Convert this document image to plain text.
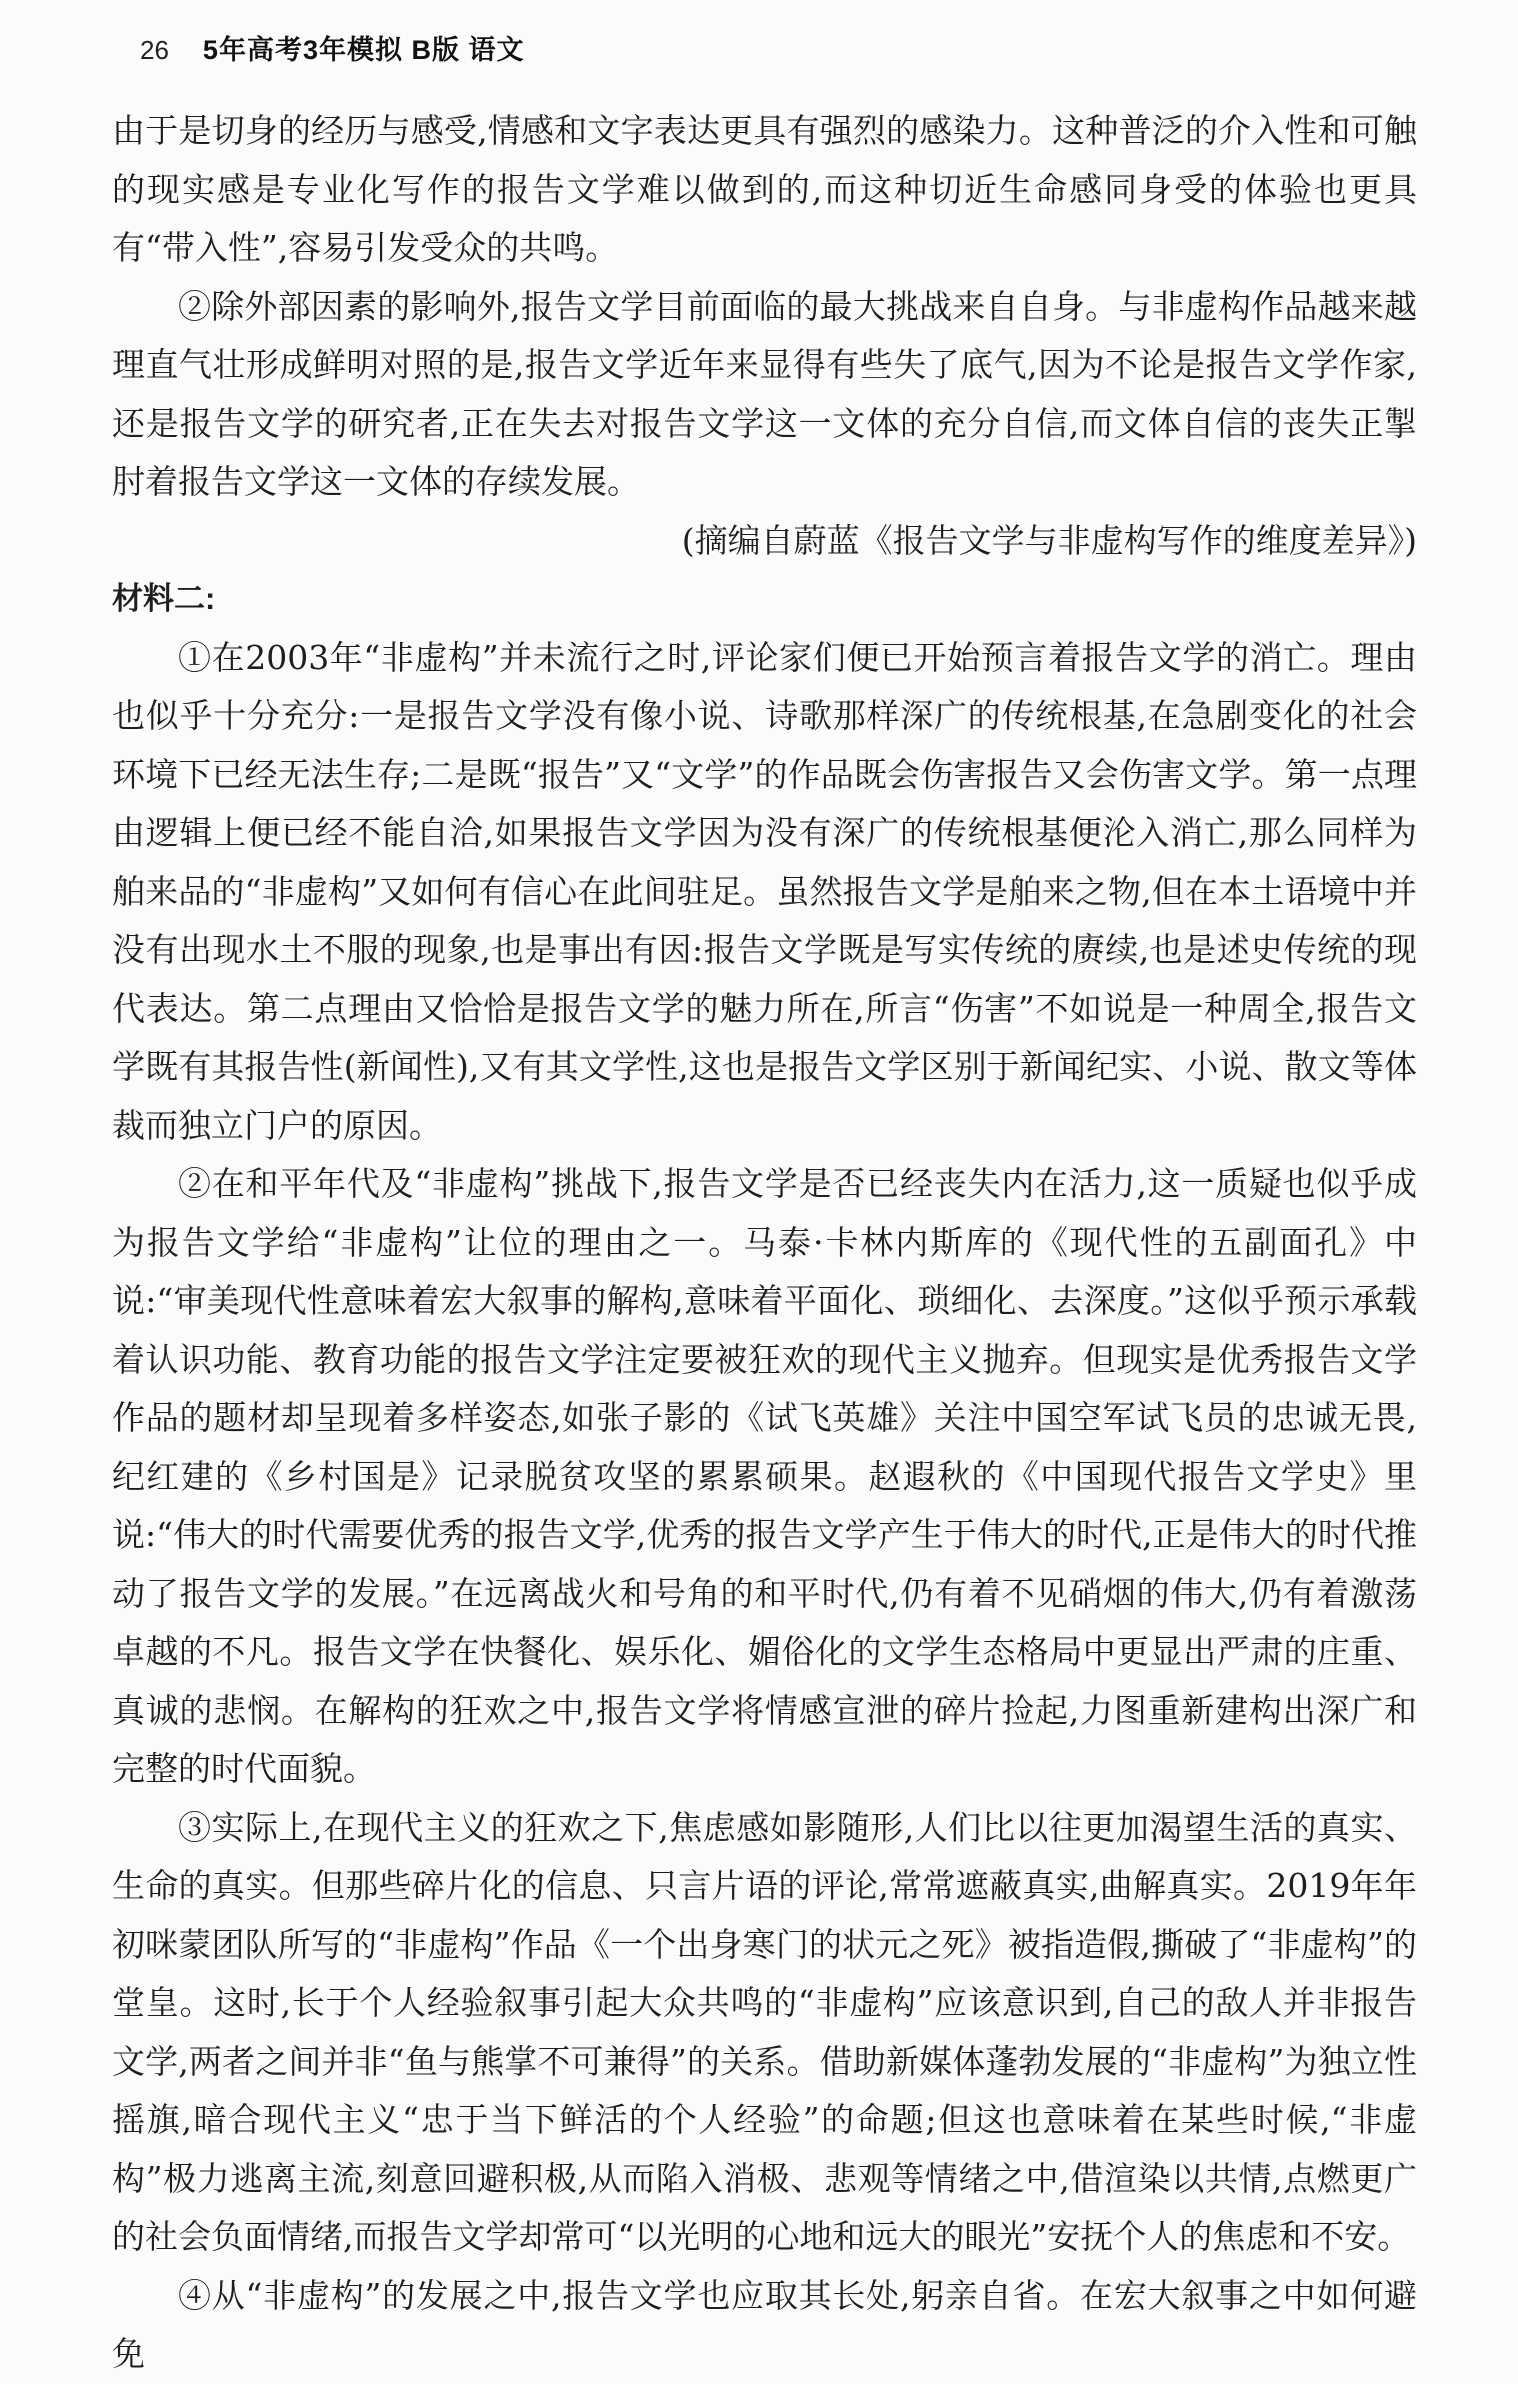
26 5年高考3年模拟 B版 语文

由于是切身的经历与感受,情感和文字表达更具有强烈的感染力。这种普泛的介入性和可触的现实感是专业化写作的报告文学难以做到的,而这种切近生命感同身受的体验也更具有“带入性”,容易引发受众的共鸣。

②除外部因素的影响外,报告文学目前面临的最大挑战来自自身。与非虚构作品越来越理直气壮形成鲜明对照的是,报告文学近年来显得有些失了底气,因为不论是报告文学作家,还是报告文学的研究者,正在失去对报告文学这一文体的充分自信,而文体自信的丧失正掣肘着报告文学这一文体的存续发展。

(摘编自蔚蓝《报告文学与非虚构写作的维度差异》)

材料二:

①在2003年“非虚构”并未流行之时,评论家们便已开始预言着报告文学的消亡。理由也似乎十分充分:一是报告文学没有像小说、诗歌那样深广的传统根基,在急剧变化的社会环境下已经无法生存;二是既“报告”又“文学”的作品既会伤害报告又会伤害文学。第一点理由逻辑上便已经不能自洽,如果报告文学因为没有深广的传统根基便沦入消亡,那么同样为舶来品的“非虚构”又如何有信心在此间驻足。虽然报告文学是舶来之物,但在本土语境中并没有出现水土不服的现象,也是事出有因:报告文学既是写实传统的赓续,也是述史传统的现代表达。第二点理由又恰恰是报告文学的魅力所在,所言“伤害”不如说是一种周全,报告文学既有其报告性(新闻性),又有其文学性,这也是报告文学区别于新闻纪实、小说、散文等体裁而独立门户的原因。

②在和平年代及“非虚构”挑战下,报告文学是否已经丧失内在活力,这一质疑也似乎成为报告文学给“非虚构”让位的理由之一。马泰·卡林内斯库的《现代性的五副面孔》中说:“审美现代性意味着宏大叙事的解构,意味着平面化、琐细化、去深度。”这似乎预示承载着认识功能、教育功能的报告文学注定要被狂欢的现代主义抛弃。但现实是优秀报告文学作品的题材却呈现着多样姿态,如张子影的《试飞英雄》关注中国空军试飞员的忠诚无畏,纪红建的《乡村国是》记录脱贫攻坚的累累硕果。赵遐秋的《中国现代报告文学史》里说:“伟大的时代需要优秀的报告文学,优秀的报告文学产生于伟大的时代,正是伟大的时代推动了报告文学的发展。”在远离战火和号角的和平时代,仍有着不见硝烟的伟大,仍有着激荡卓越的不凡。报告文学在快餐化、娱乐化、媚俗化的文学生态格局中更显出严肃的庄重、真诚的悲悯。在解构的狂欢之中,报告文学将情感宣泄的碎片捡起,力图重新建构出深广和完整的时代面貌。

③实际上,在现代主义的狂欢之下,焦虑感如影随形,人们比以往更加渴望生活的真实、生命的真实。但那些碎片化的信息、只言片语的评论,常常遮蔽真实,曲解真实。2019年年初咪蒙团队所写的“非虚构”作品《一个出身寒门的状元之死》被指造假,撕破了“非虚构”的堂皇。这时,长于个人经验叙事引起大众共鸣的“非虚构”应该意识到,自己的敌人并非报告文学,两者之间并非“鱼与熊掌不可兼得”的关系。借助新媒体蓬勃发展的“非虚构”为独立性摇旗,暗合现代主义“忠于当下鲜活的个人经验”的命题;但这也意味着在某些时候,“非虚构”极力逃离主流,刻意回避积极,从而陷入消极、悲观等情绪之中,借渲染以共情,点燃更广的社会负面情绪,而报告文学却常可“以光明的心地和远大的眼光”安抚个人的焦虑和不安。

④从“非虚构”的发展之中,报告文学也应取其长处,躬亲自省。在宏大叙事之中如何避免
